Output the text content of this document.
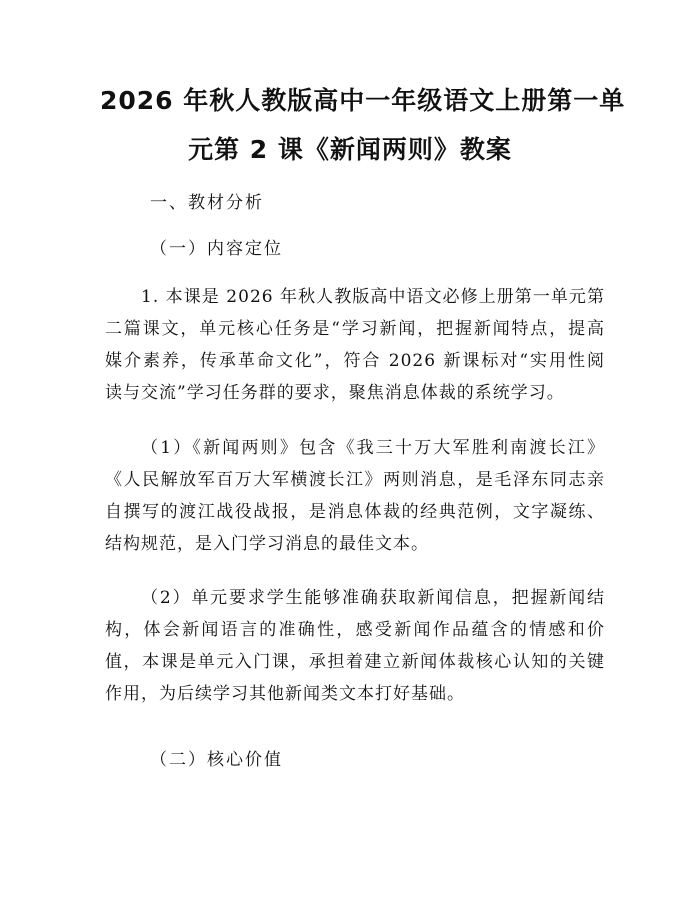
2026 年秋人教版高中一年级语文上册第一单
元第 2 课《新闻两则》教案
一、教材分析
（一）内容定位
1. 本课是 2026 年秋人教版高中语文必修上册第一单元第
二篇课文，单元核心任务是“学习新闻，把握新闻特点，提高
媒介素养，传承革命文化”，符合 2026 新课标对“实用性阅
读与交流”学习任务群的要求，聚焦消息体裁的系统学习。
（1）《新闻两则》包含《我三十万大军胜利南渡长江》
《人民解放军百万大军横渡长江》两则消息，是毛泽东同志亲
自撰写的渡江战役战报，是消息体裁的经典范例，文字凝练、
结构规范，是入门学习消息的最佳文本。
（2）单元要求学生能够准确获取新闻信息，把握新闻结
构，体会新闻语言的准确性，感受新闻作品蕴含的情感和价
值，本课是单元入门课，承担着建立新闻体裁核心认知的关键
作用，为后续学习其他新闻类文本打好基础。
（二）核心价值
